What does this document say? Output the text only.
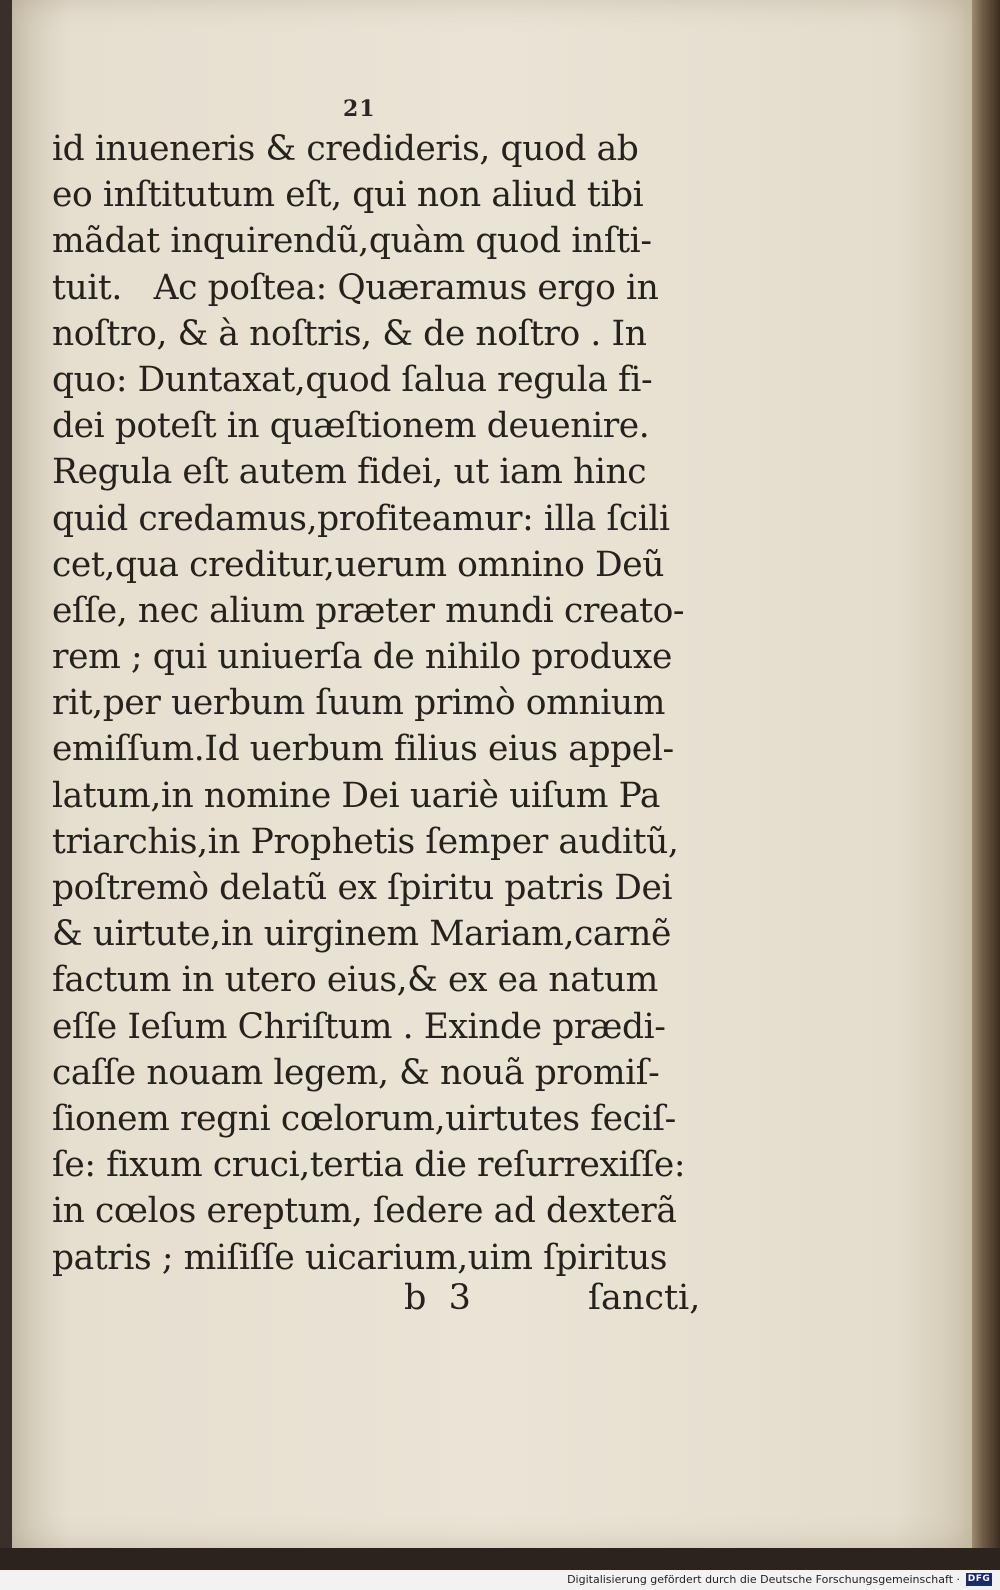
21
id inueneris & credideris, quod ab
eo inſtitutum eſt, qui non aliud tibi
mãdat inquirendũ,quàm quod inſti-
tuit.   Ac poſtea: Quæramus ergo in
noſtro, & à noſtris, & de noſtro . In
quo: Duntaxat,quod ſalua regula fi-
dei poteſt in quæſtionem deuenire.
Regula eſt autem fidei, ut iam hinc
quid credamus,profiteamur: illa ſcili
cet,qua creditur,uerum omnino Deũ
eſſe, nec alium præter mundi creato-
rem ; qui uniuerſa de nihilo produxe
rit,per uerbum ſuum primò omnium
emiſſum.Id uerbum filius eius appel-
latum,in nomine Dei uariè uiſum Pa
triarchis,in Prophetis ſemper auditũ,
poſtremò delatũ ex ſpiritu patris Dei
& uirtute,in uirginem Mariam,carnẽ
factum in utero eius,& ex ea natum
eſſe Ieſum Chriſtum . Exinde prædi-
caſſe nouam legem, & nouã promiſ-
ſionem regni cœlorum,uirtutes feciſ-
ſe: fixum cruci,tertia die reſurrexiſſe:
in cœlos ereptum, ſedere ad dexterã
patris ; miſiſſe uicarium,uim ſpiritus
b  3	ſancti,
Digitalisierung gefördert durch die Deutsche Forschungsgemeinschaft · DFG
